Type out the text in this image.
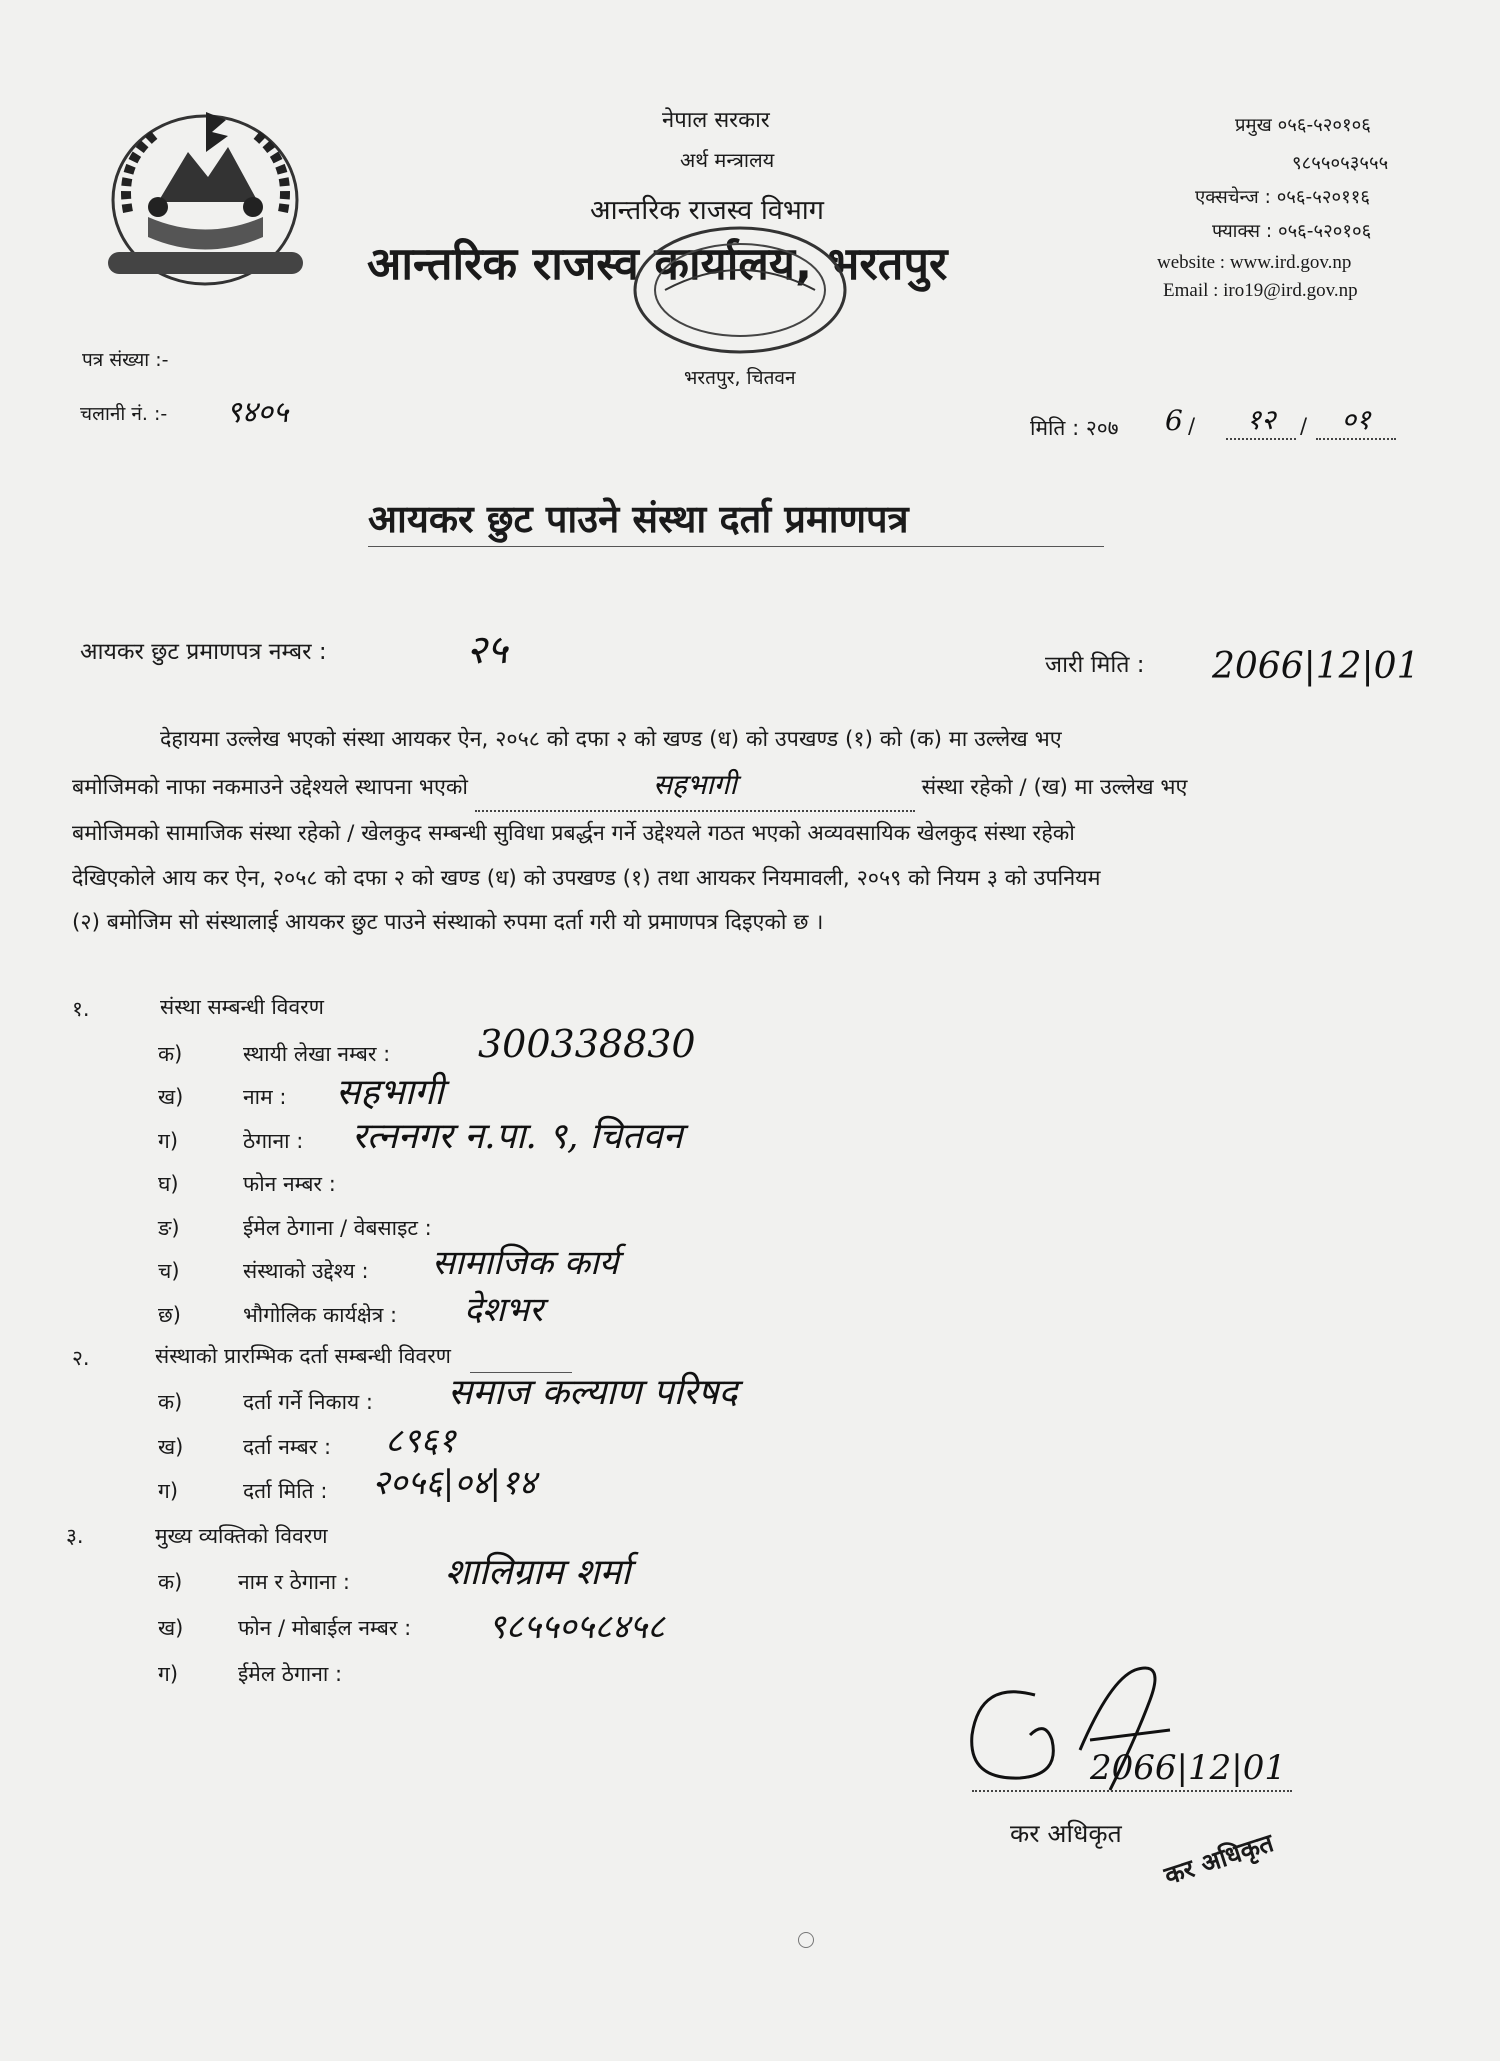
नेपाल सरकार
अर्थ मन्त्रालय
आन्तरिक राजस्व विभाग
आन्तरिक राजस्व कार्यालय, भरतपुर
भरतपुर, चितवन
प्रमुख ०५६-५२०१०६
९८५५०५३५५५
एक्सचेन्ज : ०५६-५२०११६
फ्याक्स : ०५६-५२०१०६
website : www.ird.gov.np
Email : iro19@ird.gov.np
पत्र संख्या :-
चलानी नं. :- ९४०५	मिति : २०७ 6 /	१२	/	०१
आयकर छुट पाउने संस्था दर्ता प्रमाणपत्र
आयकर छुट प्रमाणपत्र नम्बर :	२५	जारी मिति : 2066|12|01

देहायमा उल्लेख भएको संस्था आयकर ऐन, २०५८ को दफा २ को खण्ड (ध) को उपखण्ड (१) को (क) मा उल्लेख भए

बमोजिमको नाफा नकमाउने उद्देश्यले स्थापना भएको	सहभागी	संस्था रहेको / (ख) मा उल्लेख भए

बमोजिमको सामाजिक संस्था रहेको / खेलकुद सम्बन्धी सुविधा प्रबर्द्धन गर्ने उद्देश्यले गठत भएको अव्यवसायिक खेलकुद संस्था रहेको

देखिएकोले आय कर ऐन, २०५८ को दफा २ को खण्ड (ध) को उपखण्ड (१) तथा आयकर नियमावली, २०५९ को नियम ३ को उपनियम

(२) बमोजिम सो संस्थालाई आयकर छुट पाउने संस्थाको रुपमा दर्ता गरी यो प्रमाणपत्र दिइएको छ ।

१.	संस्था सम्बन्धी विवरण
क)	स्थायी लेखा नम्बर : 300338830
ख)	नाम : सहभागी
ग)	ठेगाना : रत्ननगर न.पा. ९, चितवन
घ)	फोन नम्बर :
ङ)	ईमेल ठेगाना / वेबसाइट :
च)	संस्थाको उद्देश्य : सामाजिक कार्य
छ)	भौगोलिक कार्यक्षेत्र : देशभर
२.	संस्थाको प्रारम्भिक दर्ता सम्बन्धी विवरण
क)	दर्ता गर्ने निकाय : समाज कल्याण परिषद
ख)	दर्ता नम्बर : ८९६१
ग)	दर्ता मिति : २०५६|०४|१४
३.	मुख्य व्यक्तिको विवरण
क)	नाम र ठेगाना :	शालिग्राम शर्मा
ख)	फोन / मोबाईल नम्बर : ९८५५०५८४५८
ग)	ईमेल ठेगाना :
2066|12|01
कर अधिकृत कर अधिकृत
